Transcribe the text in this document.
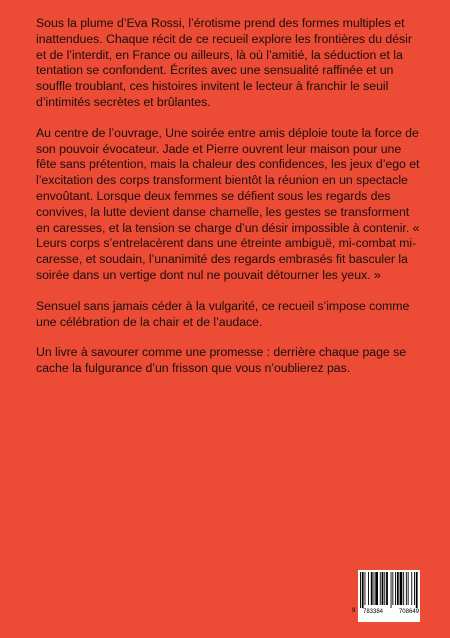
Sous la plume d’Eva Rossi, l’érotisme prend des formes multiples et inattendues. Chaque récit de ce recueil explore les frontières du désir et de l’interdit, en France ou ailleurs, là où l’amitié, la séduction et la tentation se confondent. Écrites avec une sensualité raffinée et un souffle troublant, ces histoires invitent le lecteur à franchir le seuil d’intimités secrètes et brûlantes.

Au centre de l’ouvrage, Une soirée entre amis déploie toute la force de son pouvoir évocateur. Jade et Pierre ouvrent leur maison pour une fête sans prétention, mais la chaleur des confidences, les jeux d’ego et l’excitation des corps transforment bientôt la réunion en un spectacle envoûtant. Lorsque deux femmes se défient sous les regards des convives, la lutte devient danse charnelle, les gestes se transforment en caresses, et la tension se charge d’un désir impossible à contenir. « Leurs corps s’entrelacèrent dans une étreinte ambiguë, mi-combat mi-caresse, et soudain, l’unanimité des regards embrasés fit basculer la soirée dans un vertige dont nul ne pouvait détourner les yeux. »

Sensuel sans jamais céder à la vulgarité, ce recueil s’impose comme une célébration de la chair et de l’audace.

Un livre à savourer comme une promesse : derrière chaque page se cache la fulgurance d’un frisson que vous n’oublierez pas.

9 783384	708649
